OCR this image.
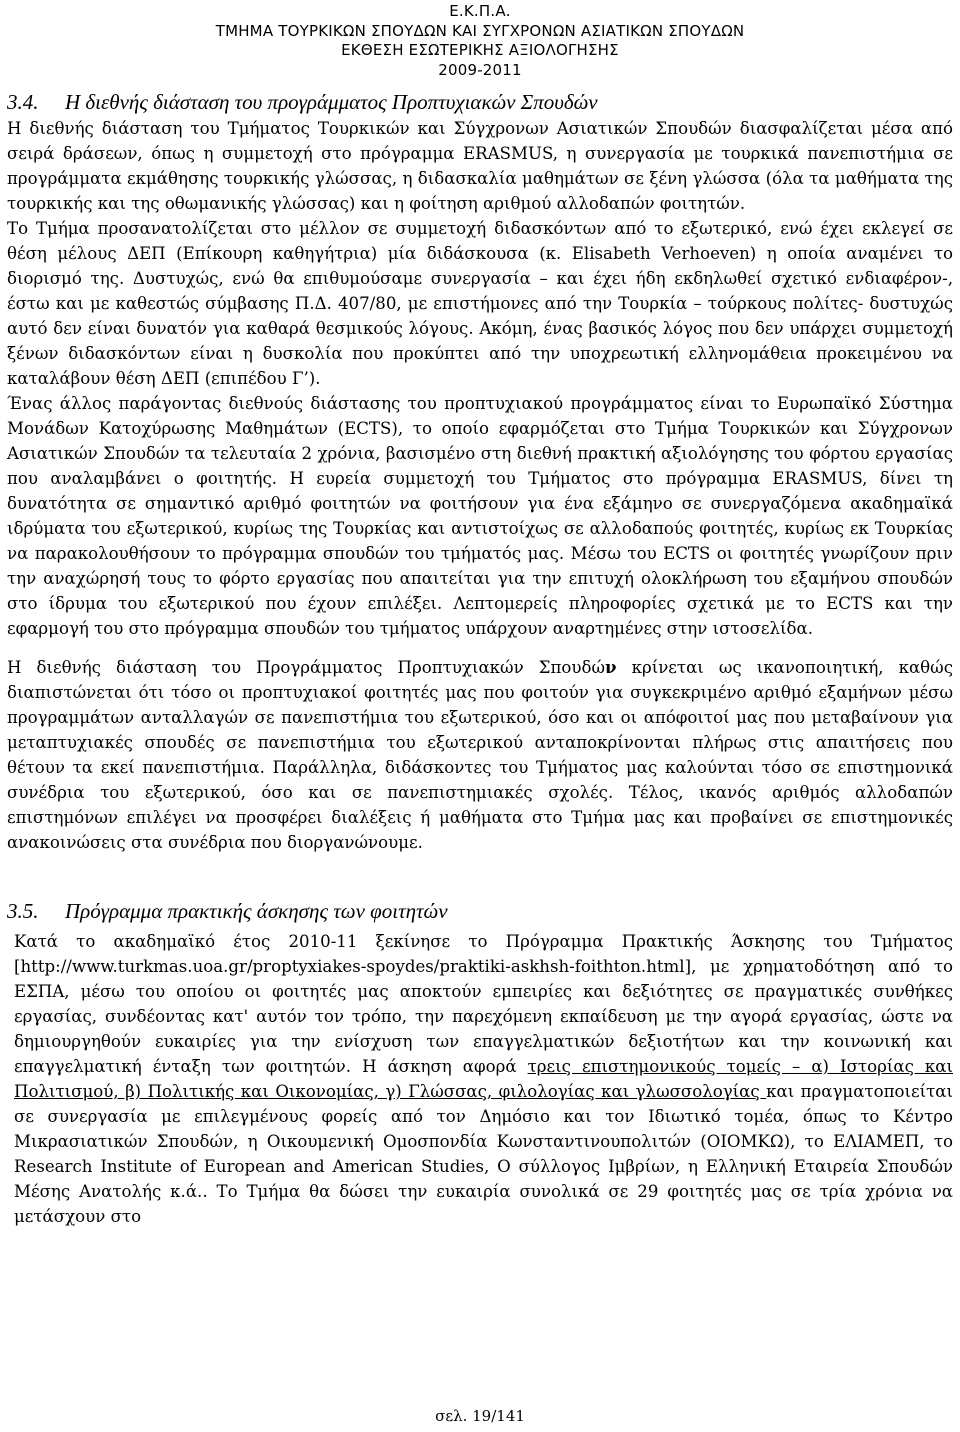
Ε.Κ.Π.Α.
ΤΜΗΜΑ ΤΟΥΡΚΙΚΩΝ ΣΠΟΥΔΩΝ ΚΑΙ ΣΥΓΧΡΟΝΩΝ ΑΣΙΑΤΙΚΩΝ ΣΠΟΥΔΩΝ
ΕΚΘΕΣΗ ΕΣΩΤΕΡΙΚΗΣ ΑΞΙΟΛΟΓΗΣΗΣ
2009-2011
3.4. Η διεθνής διάσταση του προγράμματος Προπτυχιακών Σπουδών

Η διεθνής διάσταση του Τμήματος Τουρκικών και Σύγχρονων Ασιατικών Σπουδών διασφαλίζεται μέσα από σειρά δράσεων, όπως η συμμετοχή στο πρόγραμμα ERASMUS, η συνεργασία με τουρκικά πανεπιστήμια σε προγράμματα εκμάθησης τουρκικής γλώσσας, η διδασκαλία μαθημάτων σε ξένη γλώσσα (όλα τα μαθήματα της τουρκικής και της οθωμανικής γλώσσας) και η φοίτηση αριθμού αλλοδαπών φοιτητών.

Το Τμήμα προσανατολίζεται στο μέλλον σε συμμετοχή διδασκόντων από το εξωτερικό, ενώ έχει εκλεγεί σε θέση μέλους ΔΕΠ (Επίκουρη καθηγήτρια) μία διδάσκουσα (κ. Elisabeth Verhoeven) η οποία αναμένει το διορισμό της. Δυστυχώς, ενώ θα επιθυμούσαμε συνεργασία – και έχει ήδη εκδηλωθεί σχετικό ενδιαφέρον-, έστω και με καθεστώς σύμβασης Π.Δ. 407/80, με επιστήμονες από την Τουρκία – τούρκους πολίτες- δυστυχώς αυτό δεν είναι δυνατόν για καθαρά θεσμικούς λόγους. Ακόμη, ένας βασικός λόγος που δεν υπάρχει συμμετοχή ξένων διδασκόντων είναι η δυσκολία που προκύπτει από την υποχρεωτική ελληνομάθεια προκειμένου να καταλάβουν θέση ΔΕΠ (επιπέδου Γ’).

Ένας άλλος παράγοντας διεθνούς διάστασης του προπτυχιακού προγράμματος είναι το Ευρωπαϊκό Σύστημα Μονάδων Κατοχύρωσης Μαθημάτων (ECTS), το οποίο εφαρμόζεται στο Τμήμα Τουρκικών και Σύγχρονων Ασιατικών Σπουδών τα τελευταία 2 χρόνια, βασισμένο στη διεθνή πρακτική αξιολόγησης του φόρτου εργασίας που αναλαμβάνει ο φοιτητής. Η ευρεία συμμετοχή του Τμήματος στο πρόγραμμα ERASMUS, δίνει τη δυνατότητα σε σημαντικό αριθμό φοιτητών να φοιτήσουν για ένα εξάμηνο σε συνεργαζόμενα ακαδημαϊκά ιδρύματα του εξωτερικού, κυρίως της Τουρκίας και αντιστοίχως σε αλλοδαπούς φοιτητές, κυρίως εκ Τουρκίας να παρακολουθήσουν το πρόγραμμα σπουδών του τμήματός μας. Μέσω του ECTS οι φοιτητές γνωρίζουν πριν την αναχώρησή τους το φόρτο εργασίας που απαιτείται για την επιτυχή ολοκλήρωση του εξαμήνου σπουδών στο ίδρυμα του εξωτερικού που έχουν επιλέξει. Λεπτομερείς πληροφορίες σχετικά με το ECTS και την εφαρμογή του στο πρόγραμμα σπουδών του τμήματος υπάρχουν αναρτημένες στην ιστοσελίδα.

Η διεθνής διάσταση του Προγράμματος Προπτυχιακών Σπουδών κρίνεται ως ικανοποιητική, καθώς διαπιστώνεται ότι τόσο οι προπτυχιακοί φοιτητές μας που φοιτούν για συγκεκριμένο αριθμό εξαμήνων μέσω προγραμμάτων ανταλλαγών σε πανεπιστήμια του εξωτερικού, όσο και οι απόφοιτοί μας που μεταβαίνουν για μεταπτυχιακές σπουδές σε πανεπιστήμια του εξωτερικού ανταποκρίνονται πλήρως στις απαιτήσεις που θέτουν τα εκεί πανεπιστήμια. Παράλληλα, διδάσκοντες του Τμήματος μας καλούνται τόσο σε επιστημονικά συνέδρια του εξωτερικού, όσο και σε πανεπιστημιακές σχολές. Τέλος, ικανός αριθμός αλλοδαπών επιστημόνων επιλέγει να προσφέρει διαλέξεις ή μαθήματα στο Τμήμα μας και προβαίνει σε επιστημονικές ανακοινώσεις στα συνέδρια που διοργανώνουμε.

3.5. Πρόγραμμα πρακτικής άσκησης των φοιτητών

Κατά το ακαδημαϊκό έτος 2010-11 ξεκίνησε το Πρόγραμμα Πρακτικής Άσκησης του Τμήματος [http://www.turkmas.uoa.gr/proptyxiakes-spoydes/praktiki-askhsh-foithton.html], με χρηματοδότηση από το ΕΣΠΑ, μέσω του οποίου οι φοιτητές μας αποκτούν εμπειρίες και δεξιότητες σε πραγματικές συνθήκες εργασίας, συνδέοντας κατ' αυτόν τον τρόπο, την παρεχόμενη εκπαίδευση με την αγορά εργασίας, ώστε να δημιουργηθούν ευκαιρίες για την ενίσχυση των επαγγελματικών δεξιοτήτων και την κοινωνική και επαγγελματική ένταξη των φοιτητών. Η άσκηση αφορά τρεις επιστημονικούς τομείς – α) Ιστορίας και Πολιτισμού, β) Πολιτικής και Οικονομίας, γ) Γλώσσας, φιλολογίας και γλωσσολογίας και πραγματοποιείται σε συνεργασία με επιλεγμένους φορείς από τον Δημόσιο και τον Ιδιωτικό τομέα, όπως το Κέντρο Μικρασιατικών Σπουδών, η Οικουμενική Ομοσπονδία Κωνσταντινουπολιτών (ΟΙΟΜΚΩ), το ΕΛΙΑΜΕΠ, το Research Institute of European and American Studies, Ο σύλλογος Ιμβρίων, η Ελληνική Εταιρεία Σπουδών Μέσης Ανατολής κ.ά.. Το Τμήμα θα δώσει την ευκαιρία συνολικά σε 29 φοιτητές μας σε τρία χρόνια να μετάσχουν στο

σελ. 19/141
